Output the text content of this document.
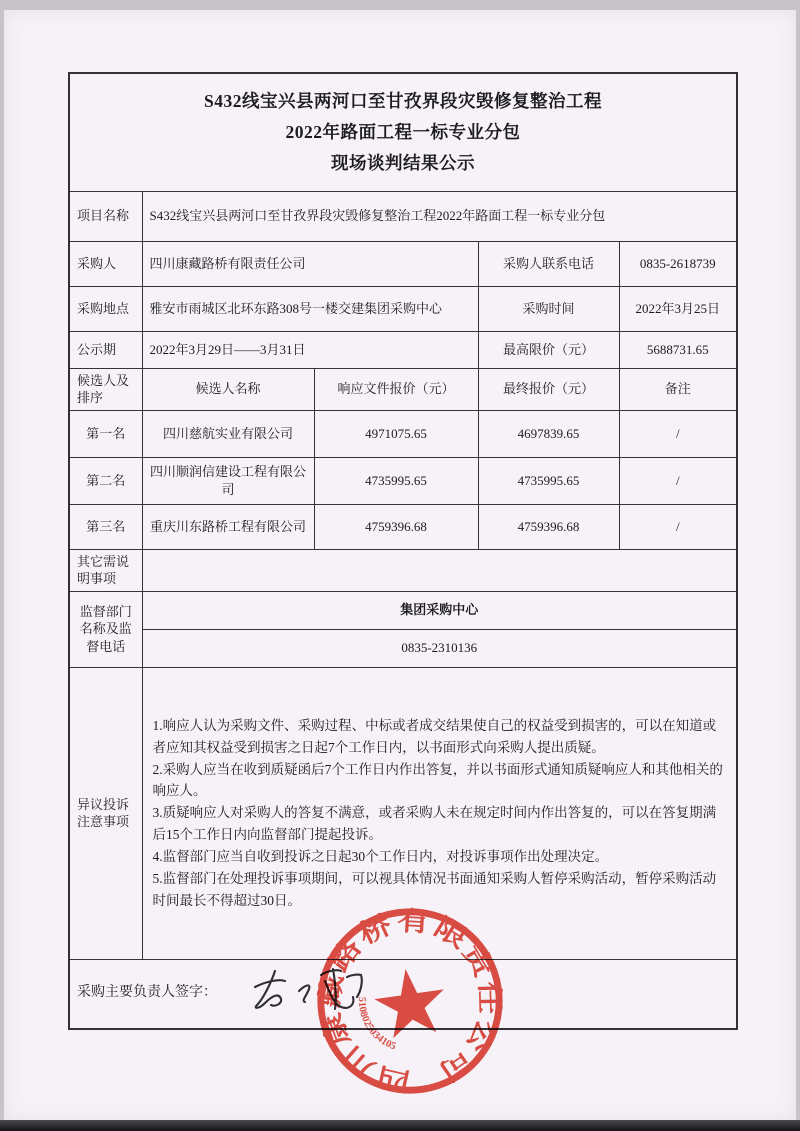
S432线宝兴县两河口至甘孜界段灾毁修复整治工程
2022年路面工程一标专业分包
现场谈判结果公示				

项目名称	S432线宝兴县两河口至甘孜界段灾毁修复整治工程2022年路面工程一标专业分包			
采购人	四川康藏路桥有限责任公司		采购人联系电话	0835-2618739
采购地点	雅安市雨城区北环东路308号一楼交建集团采购中心		采购时间	2022年3月25日
公示期	2022年3月29日——3月31日		最高限价（元）	5688731.65
候选人及排序	候选人名称	响应文件报价（元）	最终报价（元）	备注
第一名	四川慈航实业有限公司	4971075.65	4697839.65	/
第二名	四川顺润信建设工程有限公司	4735995.65	4735995.65	/
第三名	重庆川东路桥工程有限公司	4759396.68	4759396.68	/
其它需说明事项				
监督部门名称及监督电话	集团采购中心			
	0835-2310136			
异议投诉注意事项	1.响应人认为采购文件、采购过程、中标或者成交结果使自己的权益受到损害的，可以在知道或者应知其权益受到损害之日起7个工作日内，以书面形式向采购人提出质疑。
2.采购人应当在收到质疑函后7个工作日内作出答复，并以书面形式通知质疑响应人和其他相关的响应人。
3.质疑响应人对采购人的答复不满意，或者采购人未在规定时间内作出答复的，可以在答复期满后15个工作日内向监督部门提起投诉。
4.监督部门应当自收到投诉之日起30个工作日内，对投诉事项作出处理决定。
5.监督部门在处理投诉事项期间，可以视具体情况书面通知采购人暂停采购活动，暂停采购活动时间最长不得超过30日。			

采购主要负责人签字：				
四川康藏路桥有限责任公司
5108025034105
